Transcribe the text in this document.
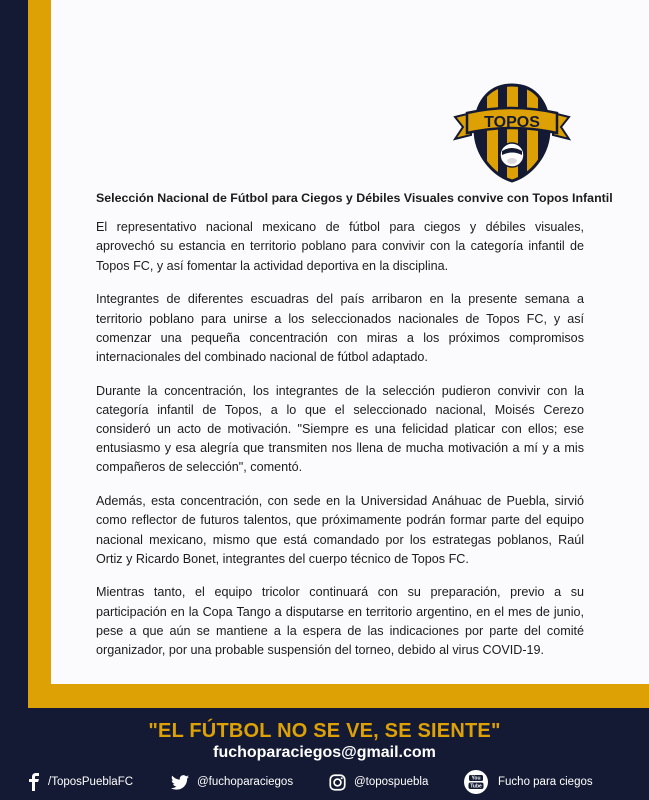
TOPOS
Selección Nacional de Fútbol para Ciegos y Débiles Visuales convive con Topos Infantil

El representativo nacional mexicano de fútbol para ciegos y débiles visuales, aprovechó su estancia en territorio poblano para convivir con la categoría infantil de Topos FC, y así fomentar la actividad deportiva en la disciplina.

Integrantes de diferentes escuadras del país arribaron en la presente semana a territorio poblano para unirse a los seleccionados nacionales de Topos FC, y así comenzar una pequeña concentración con miras a los próximos compromisos internacionales del combinado nacional de fútbol adaptado.

Durante la concentración, los integrantes de la selección pudieron convivir con la categoría infantil de Topos, a lo que el seleccionado nacional, Moisés Cerezo consideró un acto de motivación. "Siempre es una felicidad platicar con ellos; ese entusiasmo y esa alegría que transmiten nos llena de mucha motivación a mí y a mis compañeros de selección", comentó.

Además, esta concentración, con sede en la Universidad Anáhuac de Puebla, sirvió como reflector de futuros talentos, que próximamente podrán formar parte del equipo nacional mexicano, mismo que está comandado por los estrategas poblanos, Raúl Ortiz y Ricardo Bonet, integrantes del cuerpo técnico de Topos FC.

Mientras tanto, el equipo tricolor continuará con su preparación, previo a su participación en la Copa Tango a disputarse en territorio argentino, en el mes de junio, pese a que aún se mantiene a la espera de las indicaciones por parte del comité organizador, por una probable suspensión del torneo, debido al virus COVID-19.

"EL FÚTBOL NO SE VE, SE SIENTE"
fuchoparaciegos@gmail.com
/ToposPueblaFC	@fuchoparaciegos	@topospuebla	Tube
You Fucho para ciegos
